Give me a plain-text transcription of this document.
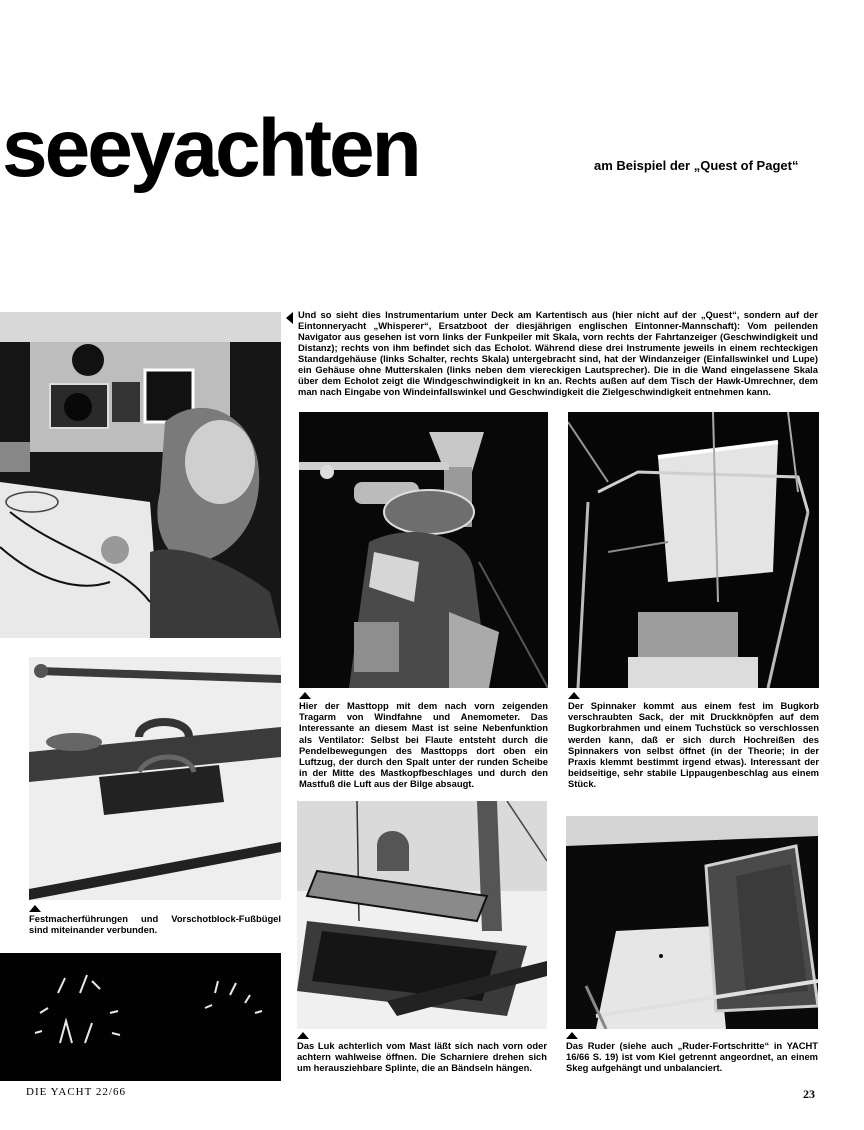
seeyachten	am Beispiel der „Quest of Paget“
Und so sieht dies Instrumentarium unter Deck am Kartentisch aus (hier nicht auf der „Quest“, sondern auf der Eintonneryacht „Whisperer“, Ersatzboot der diesjährigen englischen Eintonner-Mannschaft): Vom peilenden Navigator aus gesehen ist vorn links der Funkpeiler mit Skala, vorn rechts der Fahrtanzeiger (Geschwindigkeit und Distanz); rechts von ihm befindet sich das Echolot. Während diese drei Instrumente jeweils in einem rechteckigen Standardgehäuse (links Schalter, rechts Skala) untergebracht sind, hat der Windanzeiger (Einfallswinkel und Lupe) ein Gehäuse ohne Mutterskalen (links neben dem viereckigen Lautsprecher). Die in die Wand eingelassene Skala über dem Echolot zeigt die Windgeschwindigkeit in kn an. Rechts außen auf dem Tisch der Hawk-Umrechner, dem man nach Eingabe von Windeinfallswinkel und Geschwindigkeit die Zielgeschwindigkeit entnehmen kann.
Hier der Masttopp mit dem nach vorn zeigenden Tragarm von Windfahne und Anemometer. Das Interessante an diesem Mast ist seine Nebenfunktion als Ventilator: Selbst bei Flaute entsteht durch die Pendelbewegungen des Masttopps dort oben ein Luftzug, der durch den Spalt unter der runden Scheibe in der Mitte des Mastkopfbeschlages und durch den Mastfuß die Luft aus der Bilge absaugt.
Der Spinnaker kommt aus einem fest im Bugkorb verschraubten Sack, der mit Druckknöpfen auf dem Bugkorbrahmen und einem Tuchstück so verschlossen werden kann, daß er sich durch Hochreißen des Spinnakers von selbst öffnet (in der Theorie; in der Praxis klemmt bestimmt irgend etwas). Interessant der beidseitige, sehr stabile Lippaugenbeschlag aus einem Stück.
Festmacherführungen und Vorschotblock-Fußbügel sind miteinander verbunden.
Das Luk achterlich vom Mast läßt sich nach vorn oder achtern wahlweise öffnen. Die Scharniere drehen sich um herausziehbare Splinte, die an Bändseln hängen.
Das Ruder (siehe auch „Ruder-Fortschritte“ in YACHT 16/66 S. 19) ist vom Kiel getrennt angeordnet, an einem Skeg aufgehängt und unbalanciert.
DIE YACHT 22/66	23
